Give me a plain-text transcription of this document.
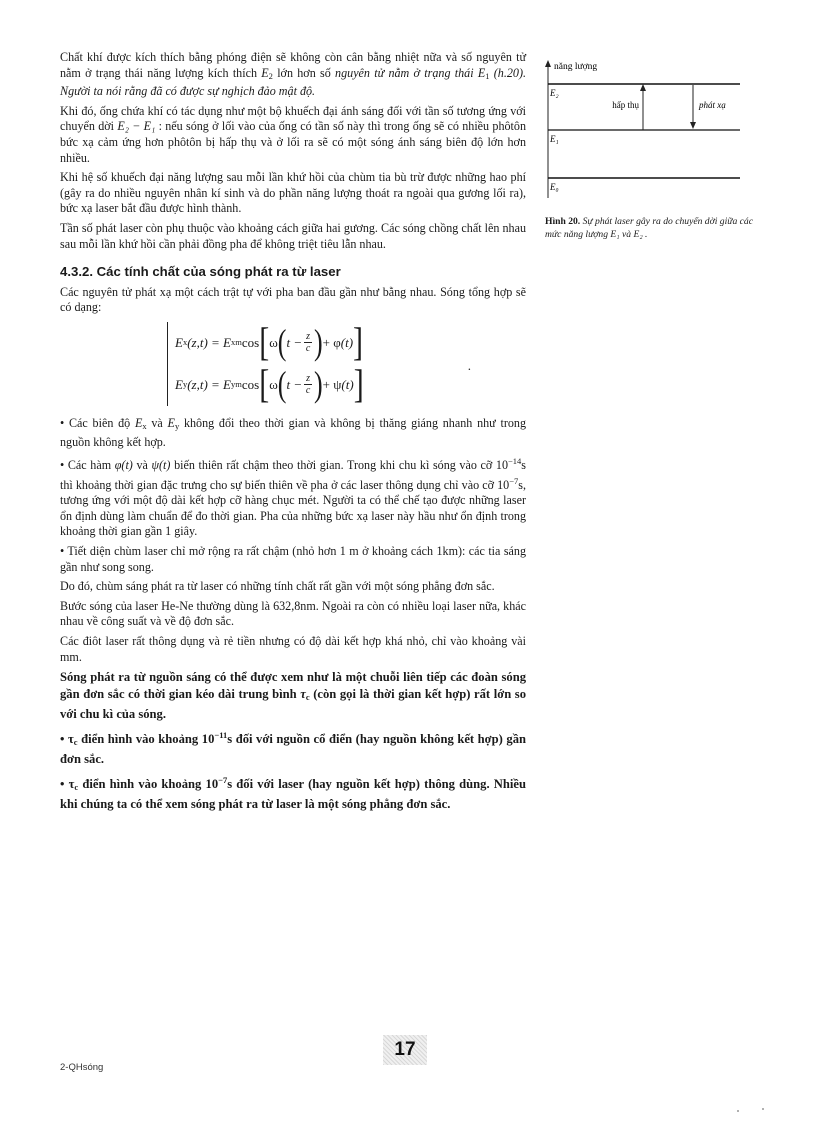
Chất khí được kích thích bằng phóng điện sẽ không còn cân bằng nhiệt nữa và số nguyên tử nằm ở trạng thái năng lượng kích thích $E_2$ lớn hơn số nguyên tử nằm ở trạng thái $E_1$ (h.20). Người ta nói rằng đã có được sự nghịch đảo mật độ.

Khi đó, ống chứa khí có tác dụng như một bộ khuếch đại ánh sáng đối với tần số tương ứng với chuyển dời E₂ − E₁ : nếu sóng ở lối vào của ống có tần số này thì trong ống sẽ có nhiều phôtôn bức xạ cảm ứng hơn phôtôn bị hấp thụ và ở lối ra sẽ có một sóng ánh sáng biên độ lớn hơn nhiều.

Khi hệ số khuếch đại năng lượng sau mỗi lần khứ hồi của chùm tia bù trừ được những hao phí (gây ra do nhiều nguyên nhân kí sinh và do phần năng lượng thoát ra ngoài qua gương lối ra), bức xạ laser bắt đầu được hình thành.

Tần số phát laser còn phụ thuộc vào khoảng cách giữa hai gương. Các sóng chồng chất lên nhau sau mỗi lần khứ hồi cần phải đồng pha để không triệt tiêu lẫn nhau.

4.3.2. Các tính chất của sóng phát ra từ laser

Các nguyên tử phát xạ một cách trật tự với pha ban đầu gần như bằng nhau. Sóng tổng hợp sẽ có dạng:

E x (z,t) = E xm cos [ ω ( $t - \frac{z}{c}$ ) + φ (t) ]
E y (z,t) = E ym cos [ ω ( $t - \frac{z}{c}$ ) + ψ (t) ]	.

• Các biên độ $E_x$ và $E_y$ không đổi theo thời gian và không bị thăng giáng nhanh như trong nguồn không kết hợp.

• Các hàm φ(t) và ψ(t) biến thiên rất chậm theo thời gian. Trong khi chu kì sóng vào cỡ $10^{-14}s$ thì khoảng thời gian đặc trưng cho sự biến thiên về pha ở các laser thông dụng chỉ vào cỡ $10^{-7}s$, tương ứng với một độ dài kết hợp cỡ hàng chục mét. Người ta có thể chế tạo được những laser ổn định dùng làm chuẩn để đo thời gian. Pha của những bức xạ laser này hầu như ổn định trong khoảng thời gian gần 1 giây.

• Tiết diện chùm laser chỉ mở rộng ra rất chậm (nhỏ hơn 1 m ở khoảng cách 1km): các tia sáng gần như song song.

Do đó, chùm sáng phát ra từ laser có những tính chất rất gần với một sóng phẳng đơn sắc.

Bước sóng của laser He-Ne thường dùng là 632,8nm. Ngoài ra còn có nhiều loại laser nữa, khác nhau về công suất và về độ đơn sắc.

Các điôt laser rất thông dụng và rẻ tiền nhưng có độ dài kết hợp khá nhỏ, chỉ vào khoảng vài mm.

Sóng phát ra từ nguồn sáng có thể được xem như là một chuỗi liên tiếp các đoàn sóng gần đơn sắc có thời gian kéo dài trung bình $\tau_c$ (còn gọi là thời gian kết hợp) rất lớn so với chu kì của sóng.

• $\tau_c$ điển hình vào khoảng $10^{-11}s$ đối với nguồn cổ điển (hay nguồn không kết hợp) gần đơn sắc.

• $\tau_c$ điển hình vào khoảng $10^{-7}s$ đối với laser (hay nguồn kết hợp) thông dùng. Nhiều khi chúng ta có thể xem sóng phát ra từ laser là một sóng phẳng đơn sắc.

năng lượng
E₂
E₁
E₀
hấp thụ	phát xạ
Hình 20. Sự phát laser gây ra do chuyển dời giữa các mức năng lượng E₁ và E₂ .
17
2-QHsóng
